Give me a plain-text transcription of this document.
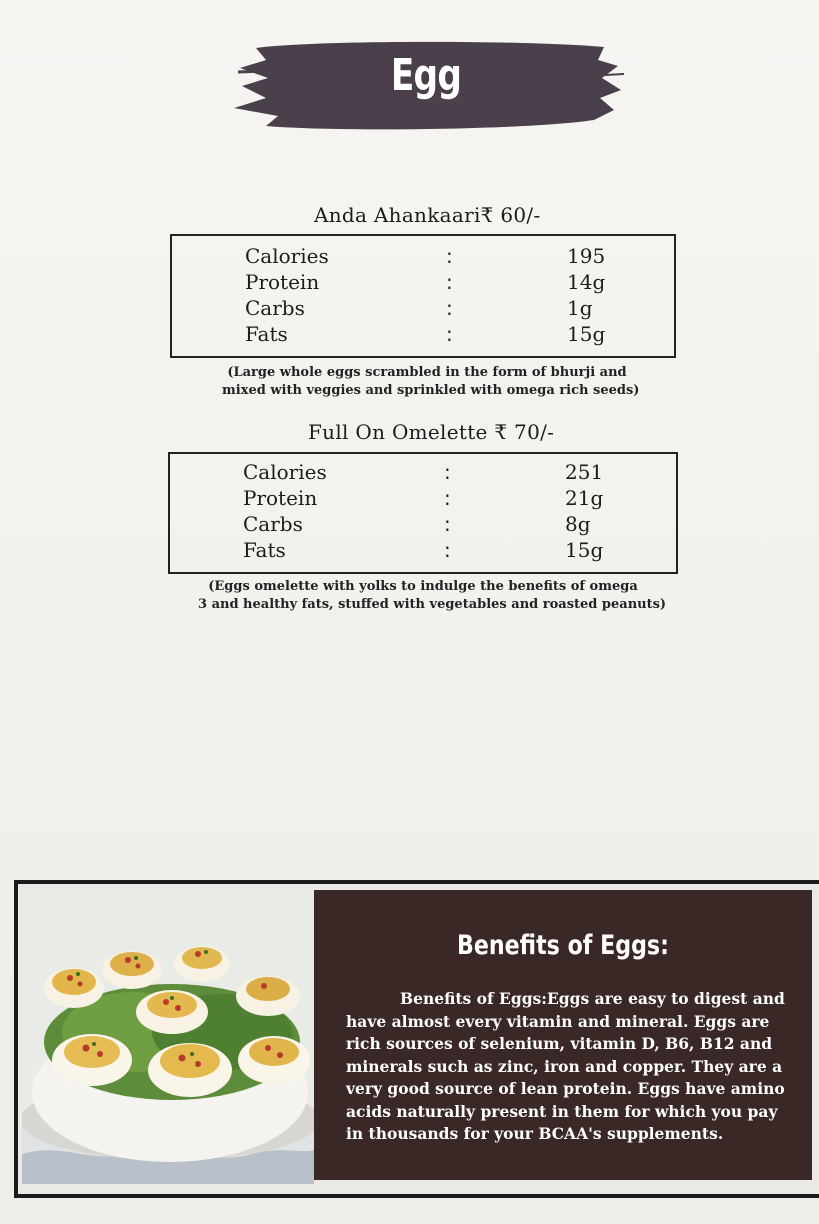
Egg
Anda Ahankaari₹ 60/-
Calories	:	195
Protein	:	14g
Carbs	:	1g
Fats	:	15g
(Large whole eggs scrambled in the form of bhurji and
mixed with veggies and sprinkled with omega rich seeds)
Full On Omelette ₹ 70/-
Calories	:	251
Protein	:	21g
Carbs	:	8g
Fats	:	15g
(Eggs omelette with yolks to indulge the benefits of omega
3 and healthy fats, stuffed with vegetables and roasted peanuts)
Benefits of Eggs:
Benefits of Eggs:Eggs are easy to digest and have almost every vitamin and mineral. Eggs are rich sources of selenium, vitamin D, B6, B12 and minerals such as zinc, iron and copper. They are a very good source of lean protein. Eggs have amino acids naturally present in them for which you pay in thousands for your BCAA's supplements.
